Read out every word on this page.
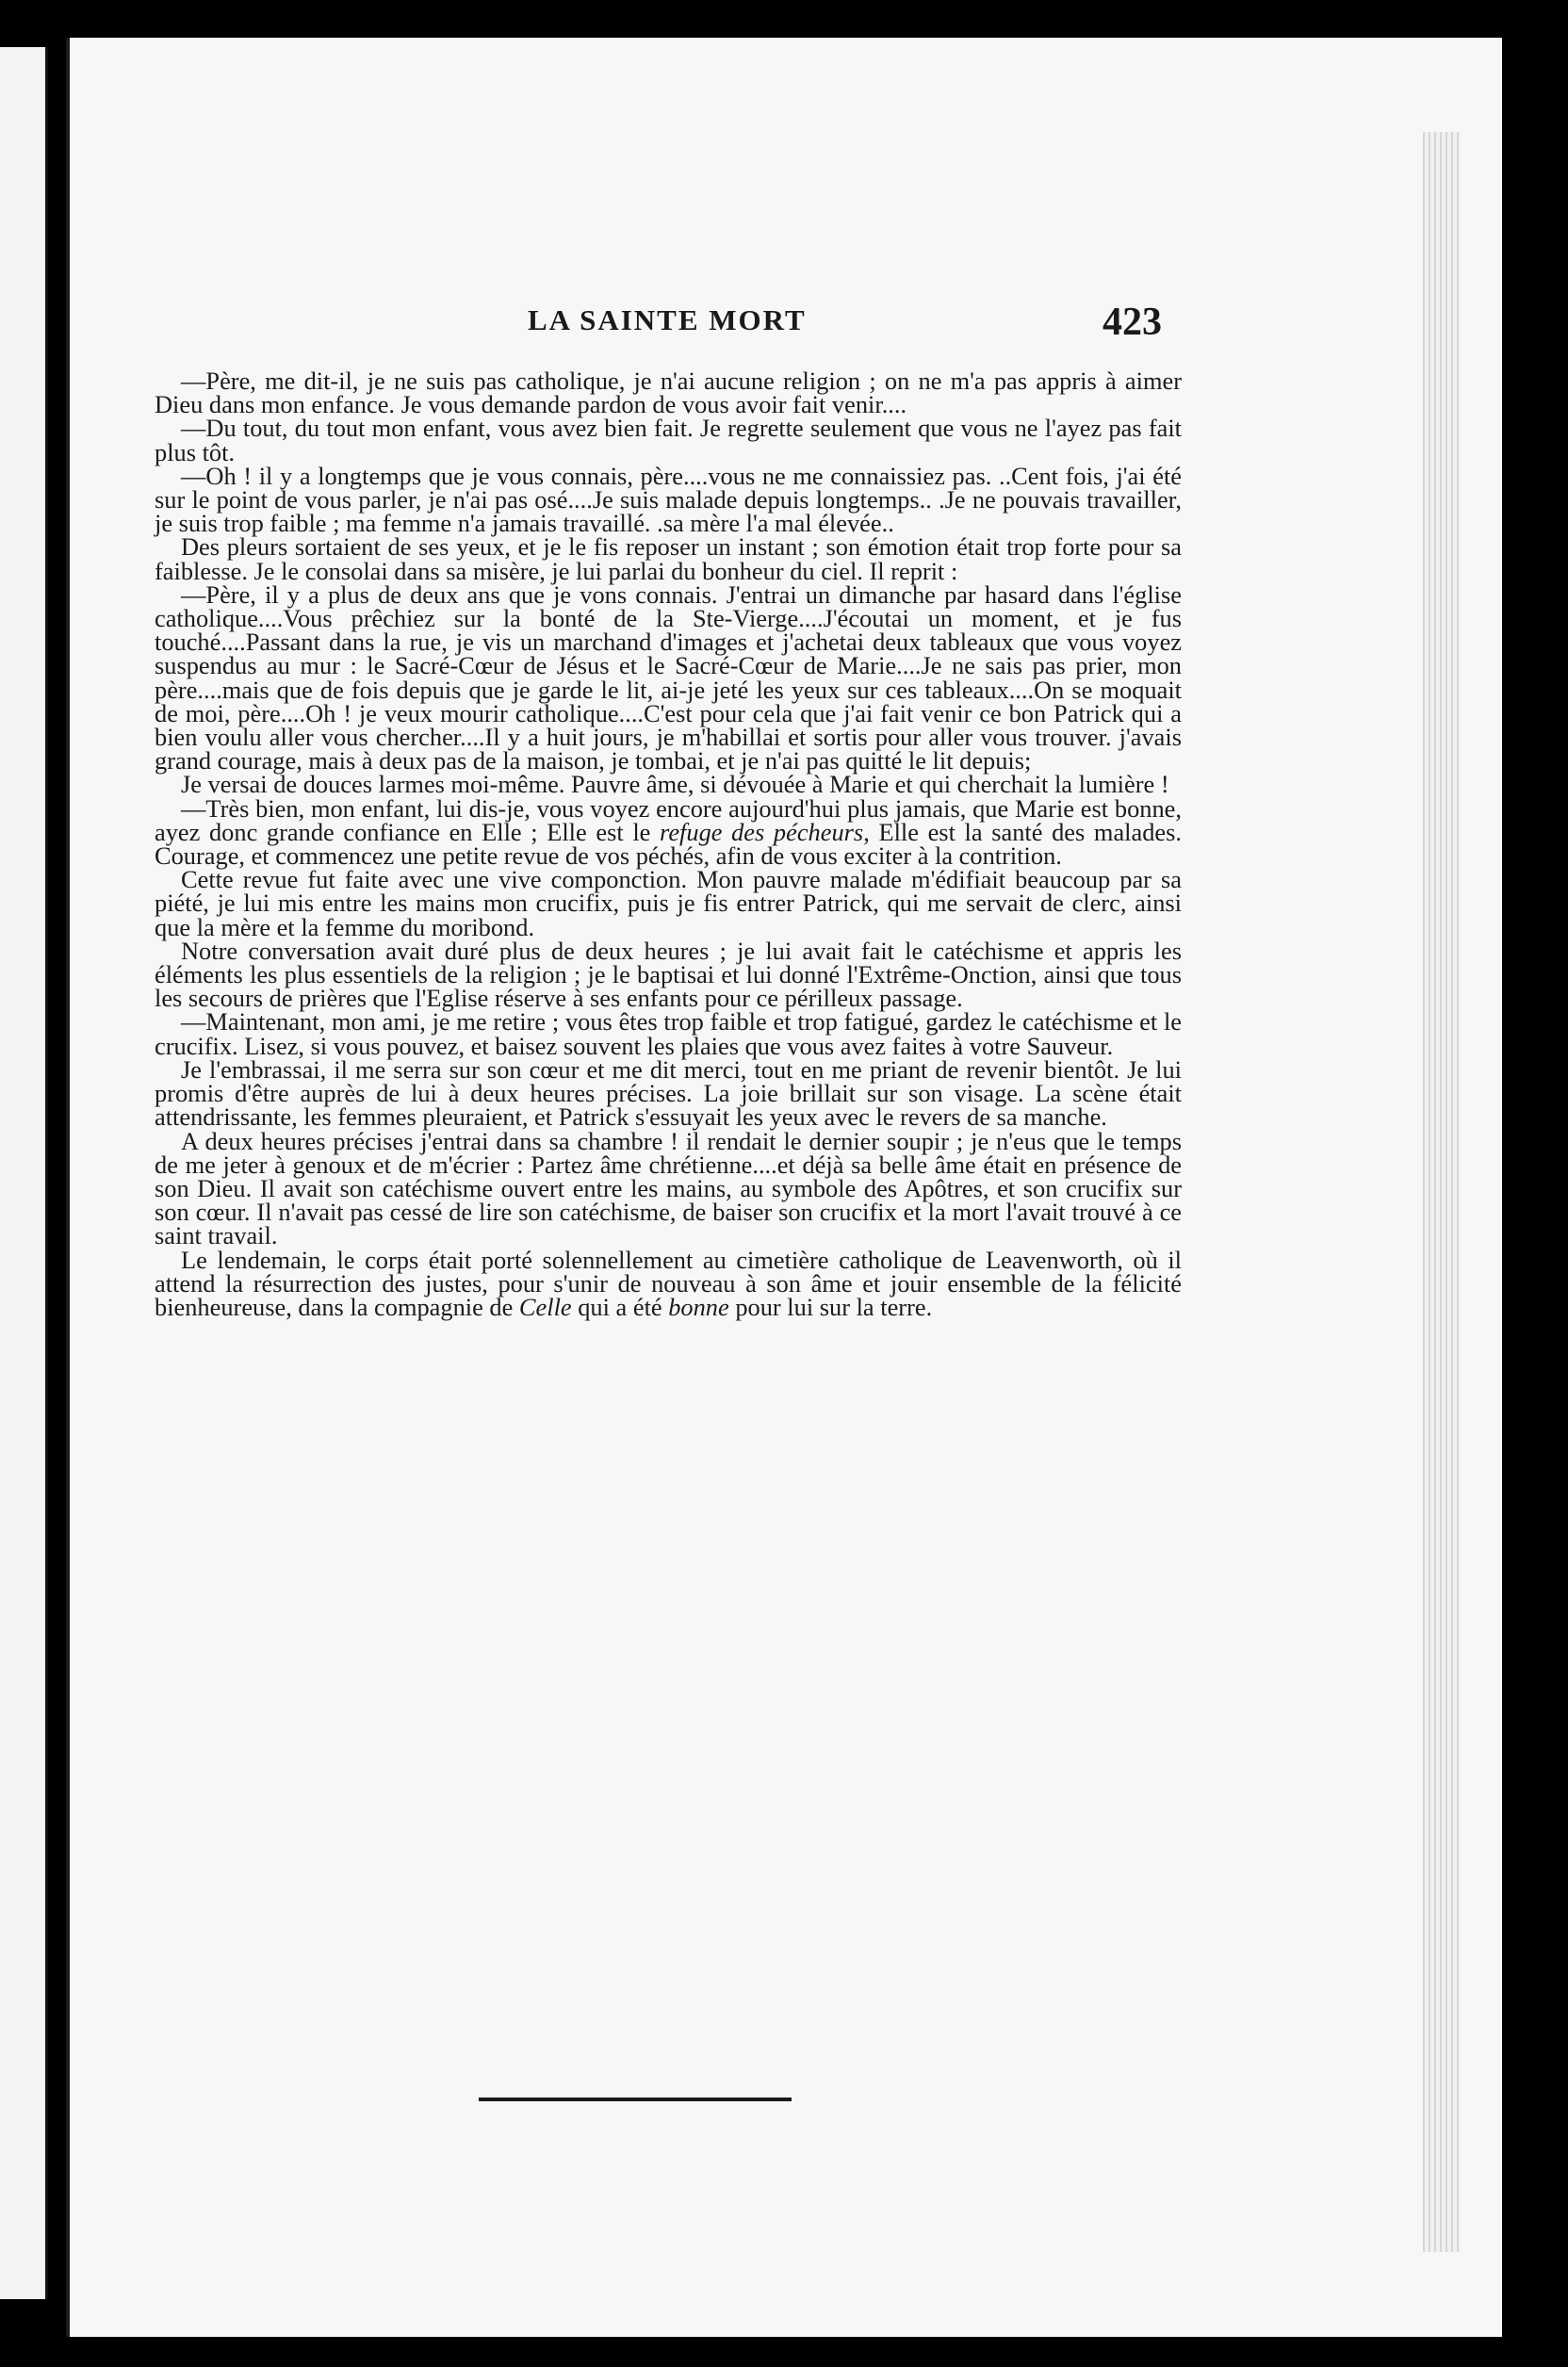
LA SAINTE MORT	423

—Père, me dit-il, je ne suis pas catholique, je n'ai aucune religion ; on ne m'a pas appris à aimer Dieu dans mon enfance. Je vous demande pardon de vous avoir fait venir....

—Du tout, du tout mon enfant, vous avez bien fait. Je regrette seulement que vous ne l'ayez pas fait plus tôt.

—Oh ! il y a longtemps que je vous connais, père....vous ne me connaissiez pas. ..Cent fois, j'ai été sur le point de vous parler, je n'ai pas osé....Je suis malade depuis longtemps.. .Je ne pouvais travailler, je suis trop faible ; ma femme n'a jamais travaillé. .sa mère l'a mal élevée..

Des pleurs sortaient de ses yeux, et je le fis reposer un instant ; son émotion était trop forte pour sa faiblesse. Je le consolai dans sa misère, je lui parlai du bonheur du ciel. Il reprit :

—Père, il y a plus de deux ans que je vons connais. J'entrai un dimanche par hasard dans l'église catholique....Vous prêchiez sur la bonté de la Ste-Vierge....J'écoutai un moment, et je fus touché....Passant dans la rue, je vis un marchand d'images et j'achetai deux tableaux que vous voyez suspendus au mur : le Sacré-Cœur de Jésus et le Sacré-Cœur de Marie....Je ne sais pas prier, mon père....mais que de fois depuis que je garde le lit, ai-je jeté les yeux sur ces tableaux....On se moquait de moi, père....Oh ! je veux mourir catholique....C'est pour cela que j'ai fait venir ce bon Patrick qui a bien voulu aller vous chercher....Il y a huit jours, je m'habillai et sortis pour aller vous trouver. j'avais grand courage, mais à deux pas de la maison, je tombai, et je n'ai pas quitté le lit depuis;

Je versai de douces larmes moi-même. Pauvre âme, si dévouée à Marie et qui cherchait la lumière !

—Très bien, mon enfant, lui dis-je, vous voyez encore aujourd'hui plus jamais, que Marie est bonne, ayez donc grande confiance en Elle ; Elle est le refuge des pécheurs, Elle est la santé des malades. Courage, et commencez une petite revue de vos péchés, afin de vous exciter à la contrition.

Cette revue fut faite avec une vive componction. Mon pauvre malade m'édifiait beaucoup par sa piété, je lui mis entre les mains mon crucifix, puis je fis entrer Patrick, qui me servait de clerc, ainsi que la mère et la femme du moribond.

Notre conversation avait duré plus de deux heures ; je lui avait fait le catéchisme et appris les éléments les plus essentiels de la religion ; je le baptisai et lui donné l'Extrême-Onction, ainsi que tous les secours de prières que l'Eglise réserve à ses enfants pour ce périlleux passage.

—Maintenant, mon ami, je me retire ; vous êtes trop faible et trop fatigué, gardez le catéchisme et le crucifix. Lisez, si vous pouvez, et baisez souvent les plaies que vous avez faites à votre Sauveur.

Je l'embrassai, il me serra sur son cœur et me dit merci, tout en me priant de revenir bientôt. Je lui promis d'être auprès de lui à deux heures précises. La joie brillait sur son visage. La scène était attendrissante, les femmes pleuraient, et Patrick s'essuyait les yeux avec le revers de sa manche.

A deux heures précises j'entrai dans sa chambre ! il rendait le dernier soupir ; je n'eus que le temps de me jeter à genoux et de m'écrier : Partez âme chrétienne....et déjà sa belle âme était en présence de son Dieu. Il avait son catéchisme ouvert entre les mains, au symbole des Apôtres, et son crucifix sur son cœur. Il n'avait pas cessé de lire son catéchisme, de baiser son crucifix et la mort l'avait trouvé à ce saint travail.

Le lendemain, le corps était porté solennellement au cimetière catholique de Leavenworth, où il attend la résurrection des justes, pour s'unir de nouveau à son âme et jouir ensemble de la félicité bienheureuse, dans la compagnie de Celle qui a été bonne pour lui sur la terre.
